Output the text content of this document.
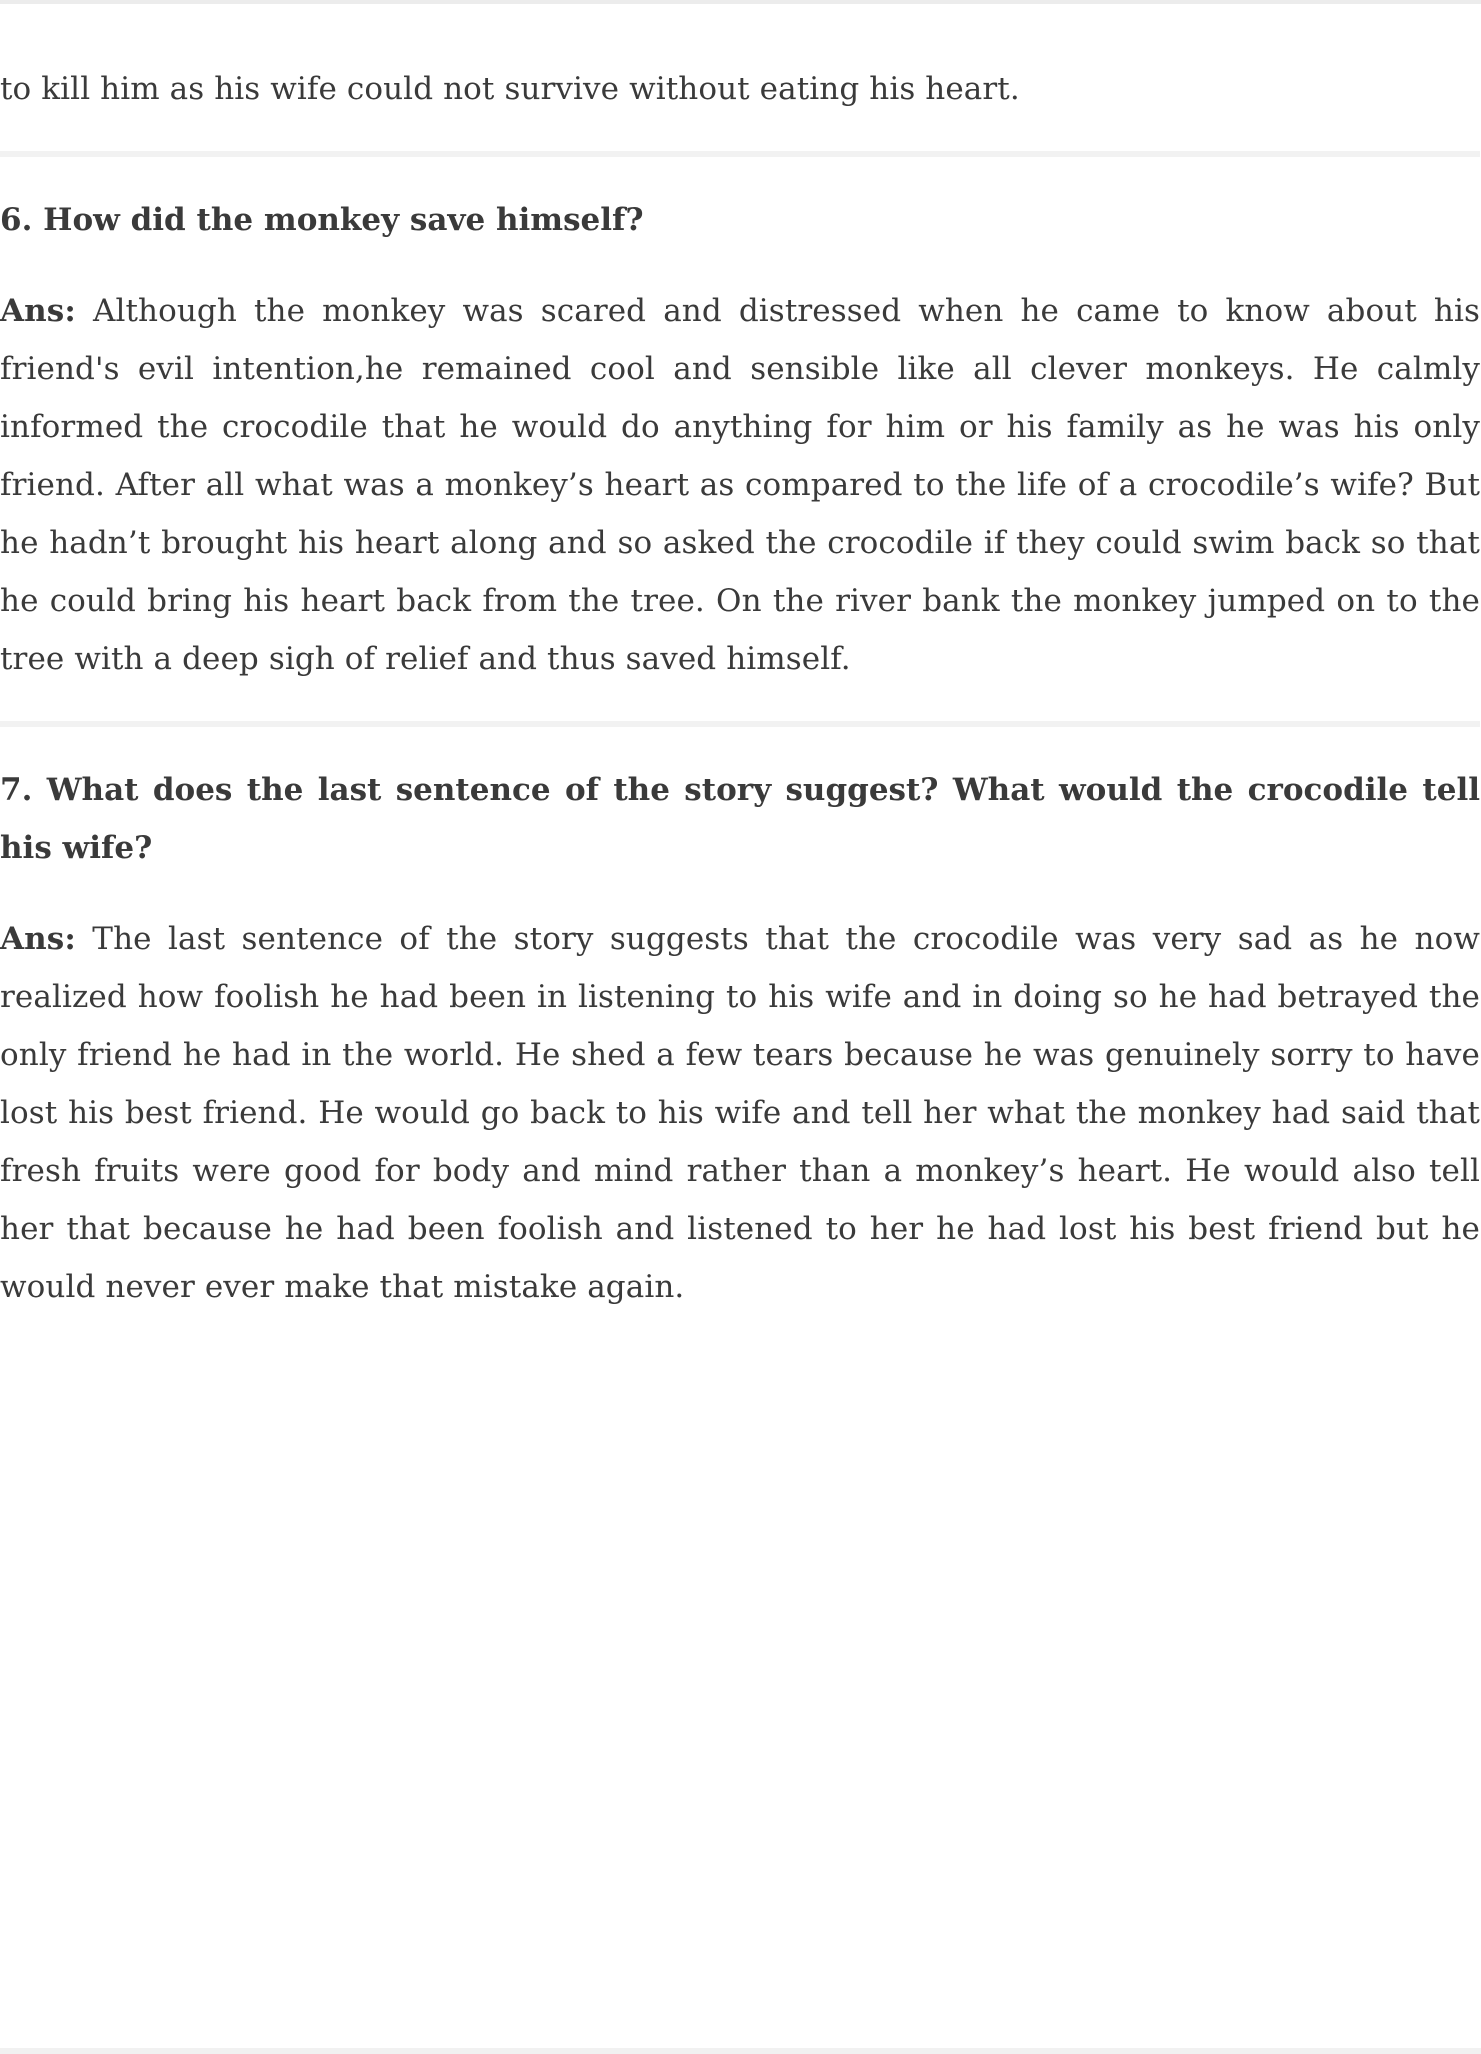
to kill him as his wife could not survive without eating his heart.

6. How did the monkey save himself?

Ans: Although the monkey was scared and distressed when he came to know about his friend's evil intention,he remained cool and sensible like all clever monkeys. He calmly informed the crocodile that he would do anything for him or his family as he was his only friend. After all what was a monkey’s heart as compared to the life of a crocodile’s wife? But he hadn’t brought his heart along and so asked the crocodile if they could swim back so that he could bring his heart back from the tree. On the river bank the monkey jumped on to the tree with a deep sigh of relief and thus saved himself.

7. What does the last sentence of the story suggest? What would the crocodile tell his wife?

Ans: The last sentence of the story suggests that the crocodile was very sad as he now realized how foolish he had been in listening to his wife and in doing so he had betrayed the only friend he had in the world. He shed a few tears because he was genuinely sorry to have lost his best friend. He would go back to his wife and tell her what the monkey had said that fresh fruits were good for body and mind rather than a monkey’s heart. He would also tell her that because he had been foolish and listened to her he had lost his best friend but he would never ever make that mistake again.
